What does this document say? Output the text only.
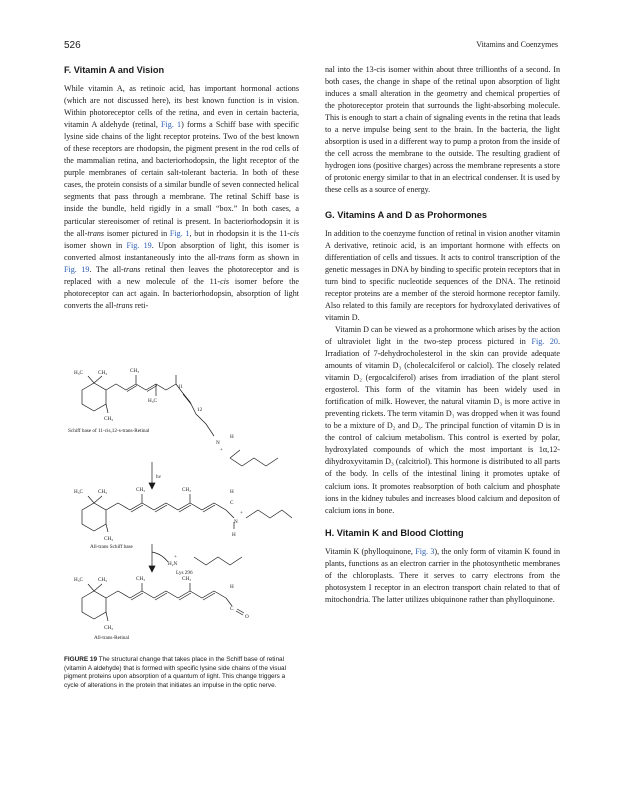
526	Vitamins and Coenzymes
F. Vitamin A and Vision

While vitamin A, as retinoic acid, has important hormonal actions (which are not discussed here), its best known function is in vision. Within photoreceptor cells of the retina, and even in certain bacteria, vitamin A aldehyde (retinal, Fig. 1) forms a Schiff base with specific lysine side chains of the light receptor proteins. Two of the best known of these receptors are rhodopsin, the pigment present in the rod cells of the mammalian retina, and bacteriorhodopsin, the light receptor of the purple membranes of certain salt-tolerant bacteria. In both of these cases, the protein consists of a similar bundle of seven connected helical segments that pass through a membrane. The retinal Schiff base is inside the bundle, held rigidly in a small “box.” In both cases, a particular stereoisomer of retinal is present. In bacteriorhodopsin it is the all-trans isomer pictured in Fig. 1, but in rhodopsin it is the 11-cis isomer shown in Fig. 19. Upon absorption of light, this isomer is converted almost instantaneously into the all-trans form as shown in Fig. 19. The all-trans retinal then leaves the photoreceptor and is replaced with a new molecule of the 11-cis isomer before the photoreceptor can act again. In bacteriorhodopsin, absorption of light converts the all-trans reti-

H₃C	CH₃	CH₃
11
12
CH₃
H₃C
Schiff base of 11-cis,12-s-trans-Retinal
N
H
+
hν
H₃C	CH₃	CH₃	CH₃	H
C
N
+
H
CH₃
All-trans Schiff base
H₂N
+
Lys 296
H₃C	CH₃	CH₃	CH₃
H
C
O
CH₃
All-trans-Retinal
FIGURE 19 The structural change that takes place in the Schiff base of retinal (vitamin A aldehyde) that is formed with specific lysine side chains of the visual pigment proteins upon absorption of a quantum of light. This change triggers a cycle of alterations in the protein that initiates an impulse in the optic nerve.

nal into the 13-cis isomer within about three trillionths of a second. In both cases, the change in shape of the retinal upon absorption of light induces a small alteration in the geometry and chemical properties of the photoreceptor protein that surrounds the light-absorbing molecule. This is enough to start a chain of signaling events in the retina that leads to a nerve impulse being sent to the brain. In the bacteria, the light absorption is used in a different way to pump a proton from the inside of the cell across the membrane to the outside. The resulting gradient of hydrogen ions (positive charges) across the membrane represents a store of protonic energy similar to that in an electrical condenser. It is used by these cells as a source of energy.

G. Vitamins A and D as Prohormones

In addition to the coenzyme function of retinal in vision another vitamin A derivative, retinoic acid, is an important hormone with effects on differentiation of cells and tissues. It acts to control transcription of the genetic messages in DNA by binding to specific protein receptors that in turn bind to specific nucleotide sequences of the DNA. The retinoid receptor proteins are a member of the steroid hormone receptor family. Also related to this family are receptors for hydroxylated derivatives of vitamin D.

Vitamin D can be viewed as a prohormone which arises by the action of ultraviolet light in the two-step process pictured in Fig. 20. Irradiation of 7-dehydrocholesterol in the skin can provide adequate amounts of vitamin D₃ (cholecalciferol or calciol). The closely related vitamin D₂ (ergocalciferol) arises from irradiation of the plant sterol ergosterol. This form of the vitamin has been widely used in fortification of milk. However, the natural vitamin D₃ is more active in preventing rickets. The term vitamin D₁ was dropped when it was found to be a mixture of D₂ and D₃. The principal function of vitamin D is in the control of calcium metabolism. This control is exerted by polar, hydroxylated compounds of which the most important is 1α,12-dihydroxyvitamin D₃ (calcitriol). This hormone is distributed to all parts of the body. In cells of the intestinal lining it promotes uptake of calcium ions. It promotes reabsorption of both calcium and phosphate ions in the kidney tubules and increases blood calcium and depositon of calcium ions in bone.

H. Vitamin K and Blood Clotting

Vitamin K (phylloquinone, Fig. 3), the only form of vitamin K found in plants, functions as an electron carrier in the photosynthetic membranes of the chloroplasts. There it serves to carry electrons from the photosystem I receptor in an electron transport chain related to that of mitochondria. The latter utilizes ubiquinone rather than phylloquinone.
